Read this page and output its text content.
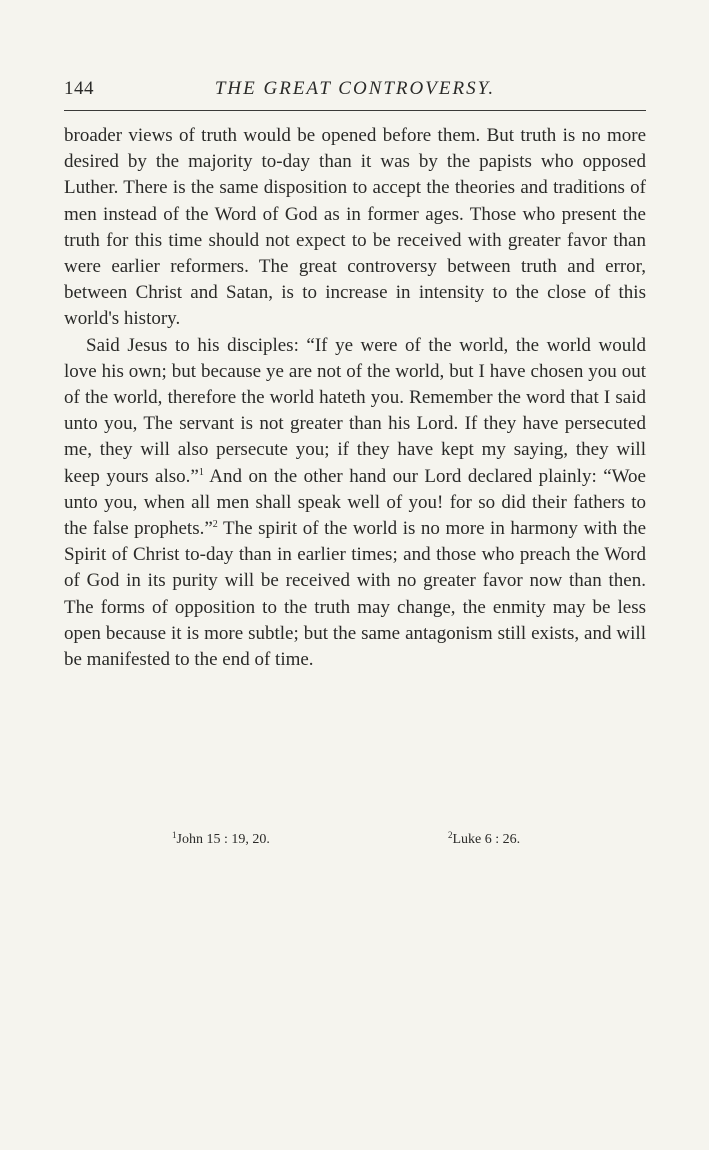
144	THE GREAT CONTROVERSY.

broader views of truth would be opened before them. But truth is no more desired by the majority to-day than it was by the papists who opposed Luther. There is the same disposition to accept the theories and traditions of men instead of the Word of God as in former ages. Those who present the truth for this time should not expect to be received with greater favor than were earlier reformers. The great controversy between truth and error, between Christ and Satan, is to increase in intensity to the close of this world's history.

Said Jesus to his disciples: “If ye were of the world, the world would love his own; but because ye are not of the world, but I have chosen you out of the world, therefore the world hateth you. Remember the word that I said unto you, The servant is not greater than his Lord. If they have persecuted me, they will also persecute you; if they have kept my saying, they will keep yours also.”$^1$ And on the other hand our Lord declared plainly: “Woe unto you, when all men shall speak well of you! for so did their fathers to the false prophets.”$^2$ The spirit of the world is no more in harmony with the Spirit of Christ to-day than in earlier times; and those who preach the Word of God in its purity will be received with no greater favor now than then. The forms of opposition to the truth may change, the enmity may be less open because it is more subtle; but the same antagonism still exists, and will be manifested to the end of time.

$^1$John 15 : 19, 20.	$^2$Luke 6 : 26.
